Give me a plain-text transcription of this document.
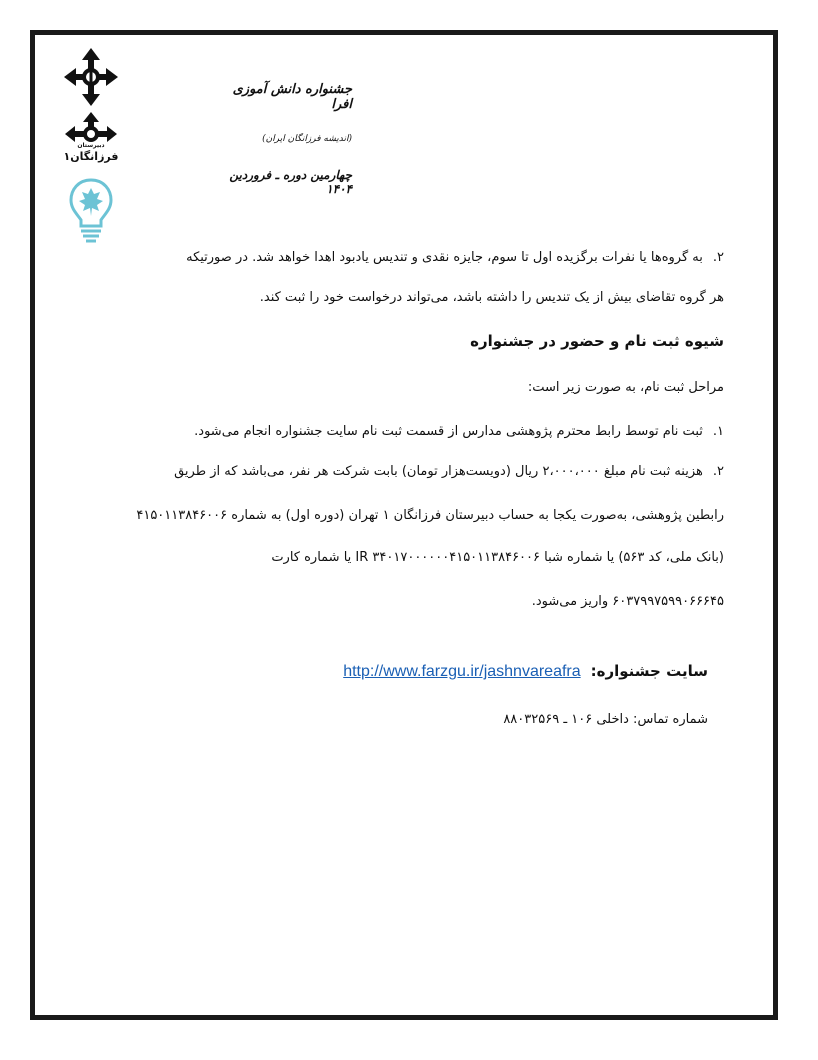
دبیرستان
فرزانگان۱
جشنواره دانش آموزی افرا
(اندیشه فرزانگان ایران)
چهارمین دوره ـ فروردین ۱۴۰۴
۲.به گروه‌ها یا نفرات برگزیده اول تا سوم، جایزه نقدی و تندیس یادبود اهدا خواهد شد. در صورتیکه
هر گروه تقاضای بیش از یک تندیس را داشته باشد، می‌تواند درخواست خود را ثبت کند.
شیوه ثبت نام و حضور در جشنواره
مراحل ثبت نام، به صورت زیر است:
۱.ثبت نام توسط رابط محترم پژوهشی مدارس از قسمت ثبت نام سایت جشنواره انجام می‌شود.
۲.هزینه ثبت نام مبلغ ۲،۰۰۰،۰۰۰ ریال (دویست‌هزار تومان) بابت شرکت هر نفر، می‌باشد که از طریق
رابطین پژوهشی، به‌صورت یکجا به حساب دبیرستان فرزانگان ۱ تهران (دوره اول) به شماره ۴۱۵۰۱۱۳۸۴۶۰۰۶
(بانک ملی، کد ۵۶۳) یا شماره شبا IR ۳۴۰۱۷۰۰۰۰۰۰۴۱۵۰۱۱۳۸۴۶۰۰۶ یا شماره کارت
۶۰۳۷۹۹۷۵۹۹۰۶۶۶۴۵ واریز می‌شود.
سایت جشنواره:
http://www.farzgu.ir/jashnvareafra
شماره تماس: داخلی ۱۰۶ ـ ۸۸۰۳۲۵۶۹
